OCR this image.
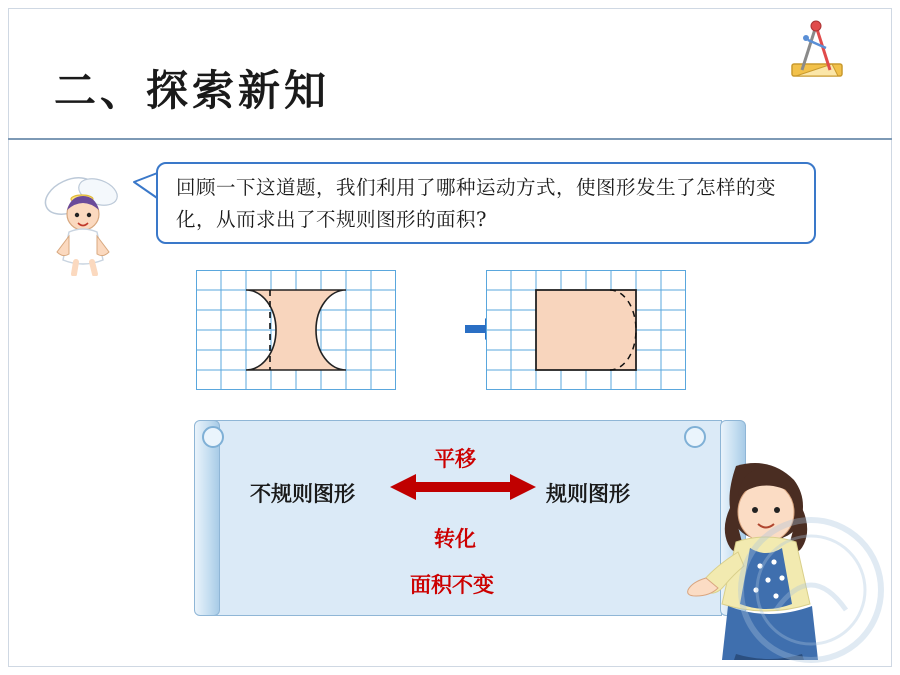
二、探索新知
回顾一下这道题，我们利用了哪种运动方式，使图形发生了怎样的变化，从而求出了不规则图形的面积?
不规则图形	规则图形
平移
转化
面积不变
